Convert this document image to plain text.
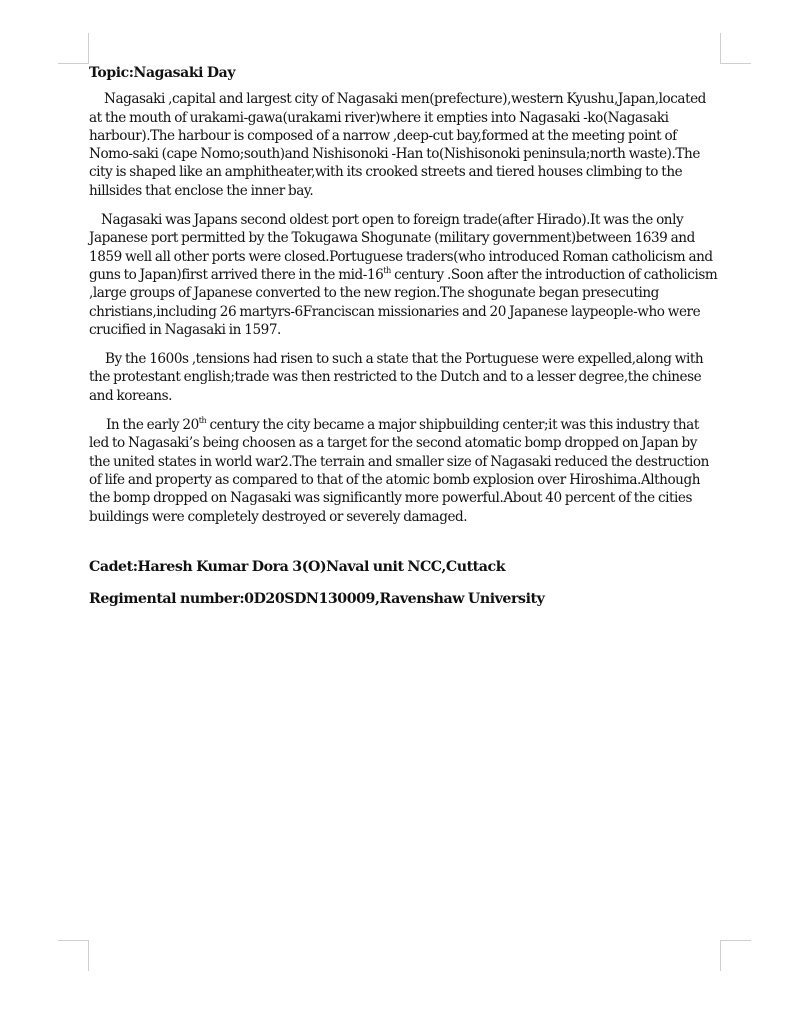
Topic:Nagasaki Day

Nagasaki ,capital and largest city of Nagasaki men(prefecture),western Kyushu,Japan,located at the mouth of urakami-gawa(urakami river)where it empties into Nagasaki -ko(Nagasaki harbour).The harbour is composed of a narrow ,deep-cut bay,formed at the meeting point of Nomo-saki (cape Nomo;south)and Nishisonoki -Han to(Nishisonoki peninsula;north waste).The city is shaped like an amphitheater,with its crooked streets and tiered houses climbing to the hillsides that enclose the inner bay.

Nagasaki was Japans second oldest port open to foreign trade(after Hirado).It was the only Japanese port permitted by the Tokugawa Shogunate (military government)between 1639 and 1859 well all other ports were closed.Portuguese traders(who introduced Roman catholicism and guns to Japan)first arrived there in the mid-16th century .Soon after the introduction of catholicism ,large groups of Japanese converted to the new region.The shogunate began presecuting christians,including 26 martyrs-6Franciscan missionaries and 20 Japanese laypeople-who were crucified in Nagasaki in 1597.

By the 1600s ,tensions had risen to such a state that the Portuguese were expelled,along with the protestant english;trade was then restricted to the Dutch and to a lesser degree,the chinese and koreans.

In the early 20th century the city became a major shipbuilding center;it was this industry that led to Nagasaki’s being choosen as a target for the second atomatic bomp dropped on Japan by the united states in world war2.The terrain and smaller size of Nagasaki reduced the destruction of life and property as compared to that of the atomic bomb explosion over Hiroshima.Although the bomp dropped on Nagasaki was significantly more powerful.About 40 percent of the cities buildings were completely destroyed or severely damaged.

Cadet:Haresh Kumar Dora 3(O)Naval unit NCC,Cuttack

Regimental number:0D20SDN130009,Ravenshaw University
